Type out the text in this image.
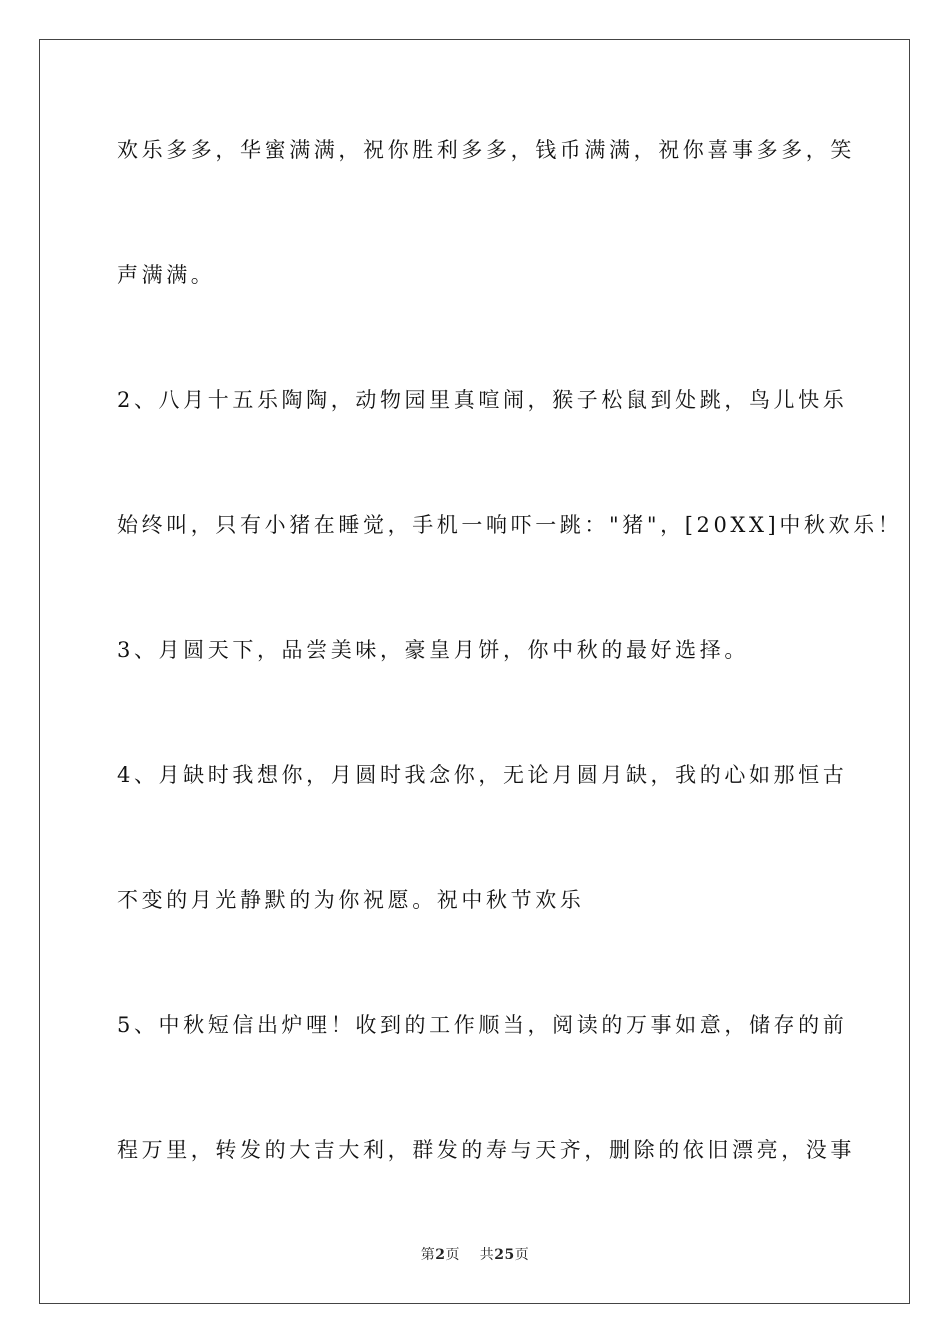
欢乐多多，华蜜满满，祝你胜利多多，钱币满满，祝你喜事多多，笑

声满满。

2、八月十五乐陶陶，动物园里真喧闹，猴子松鼠到处跳，鸟儿快乐

始终叫，只有小猪在睡觉，手机一响吓一跳："猪"，[20XX]中秋欢乐！

3、月圆天下，品尝美味，豪皇月饼，你中秋的最好选择。

4、月缺时我想你，月圆时我念你，无论月圆月缺，我的心如那恒古

不变的月光静默的为你祝愿。祝中秋节欢乐

5、中秋短信出炉哩！收到的工作顺当，阅读的万事如意，储存的前

程万里，转发的大吉大利，群发的寿与天齐，删除的依旧漂亮，没事

第2页 共25页
